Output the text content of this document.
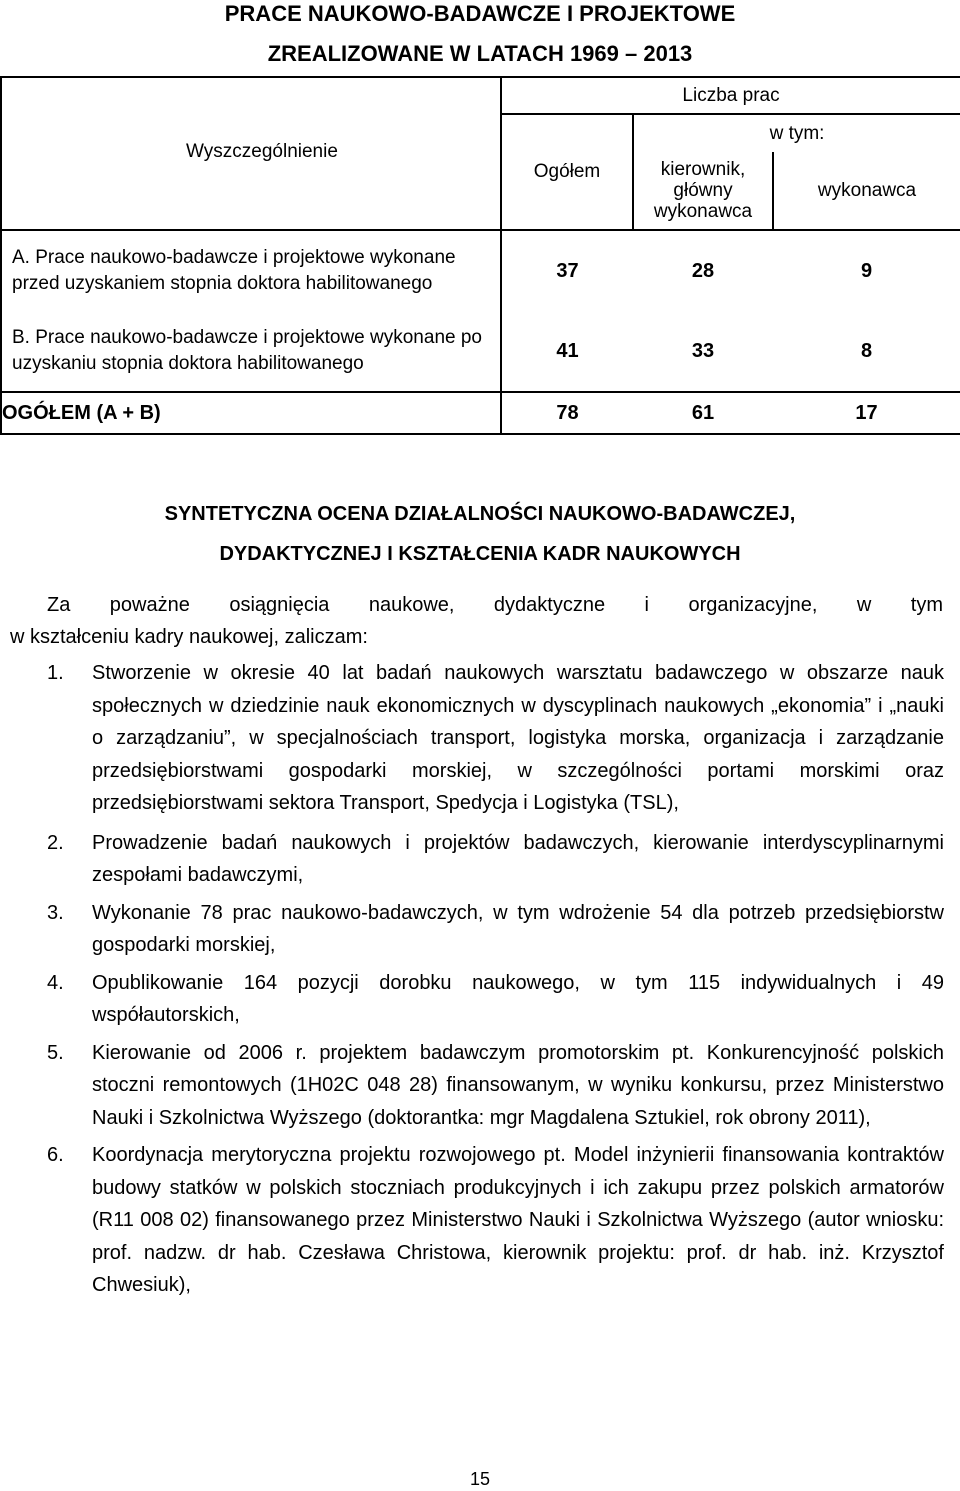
PRACE NAUKOWO-BADAWCZE I PROJEKTOWE
ZREALIZOWANE W LATACH 1969 – 2013
Wyszczególnienie	Liczba prac		
	Ogółem	w tym:	
		kierownik, główny wykonawca	wykonawca
A. Prace naukowo-badawcze i projektowe wykonane przed uzyskaniem stopnia doktora habilitowanego	37	28	9
B. Prace naukowo-badawcze i projektowe wykonane po uzyskaniu stopnia doktora habilitowanego	41	33	8
OGÓŁEM (A + B)	78	61	17
SYNTETYCZNA OCENA DZIAŁALNOŚCI NAUKOWO-BADAWCZEJ,
DYDAKTYCZNEJ I KSZTAŁCENIA KADR NAUKOWYCH
Za poważne osiągnięcia naukowe, dydaktyczne i organizacyjne, w tym
w kształceniu kadry naukowej, zaliczam:
1. Stworzenie w okresie 40 lat badań naukowych warsztatu badawczego w obszarze nauk społecznych w dziedzinie nauk ekonomicznych w dyscyplinach naukowych „ekonomia” i „nauki o zarządzaniu”, w specjalnościach transport, logistyka morska, organizacja i zarządzanie przedsiębiorstwami gospodarki morskiej, w szczególności portami morskimi oraz przedsiębiorstwami sektora Transport, Spedycja i Logistyka (TSL),
2. Prowadzenie badań naukowych i projektów badawczych, kierowanie interdyscyplinarnymi zespołami badawczymi,
3. Wykonanie 78 prac naukowo-badawczych, w tym wdrożenie 54 dla potrzeb przedsiębiorstw gospodarki morskiej,
4. Opublikowanie 164 pozycji dorobku naukowego, w tym 115 indywidualnych i 49 współautorskich,
5. Kierowanie od 2006 r. projektem badawczym promotorskim pt. Konkurencyjność polskich stoczni remontowych (1H02C 048 28) finansowanym, w wyniku konkursu, przez Ministerstwo Nauki i Szkolnictwa Wyższego (doktorantka: mgr Magdalena Sztukiel, rok obrony 2011),
6. Koordynacja merytoryczna projektu rozwojowego pt. Model inżynierii finansowania kontraktów budowy statków w polskich stoczniach produkcyjnych i ich zakupu przez polskich armatorów (R11 008 02) finansowanego przez Ministerstwo Nauki i Szkolnictwa Wyższego (autor wniosku: prof. nadzw. dr hab. Czesława Christowa, kierownik projektu: prof. dr hab. inż. Krzysztof Chwesiuk),
15
